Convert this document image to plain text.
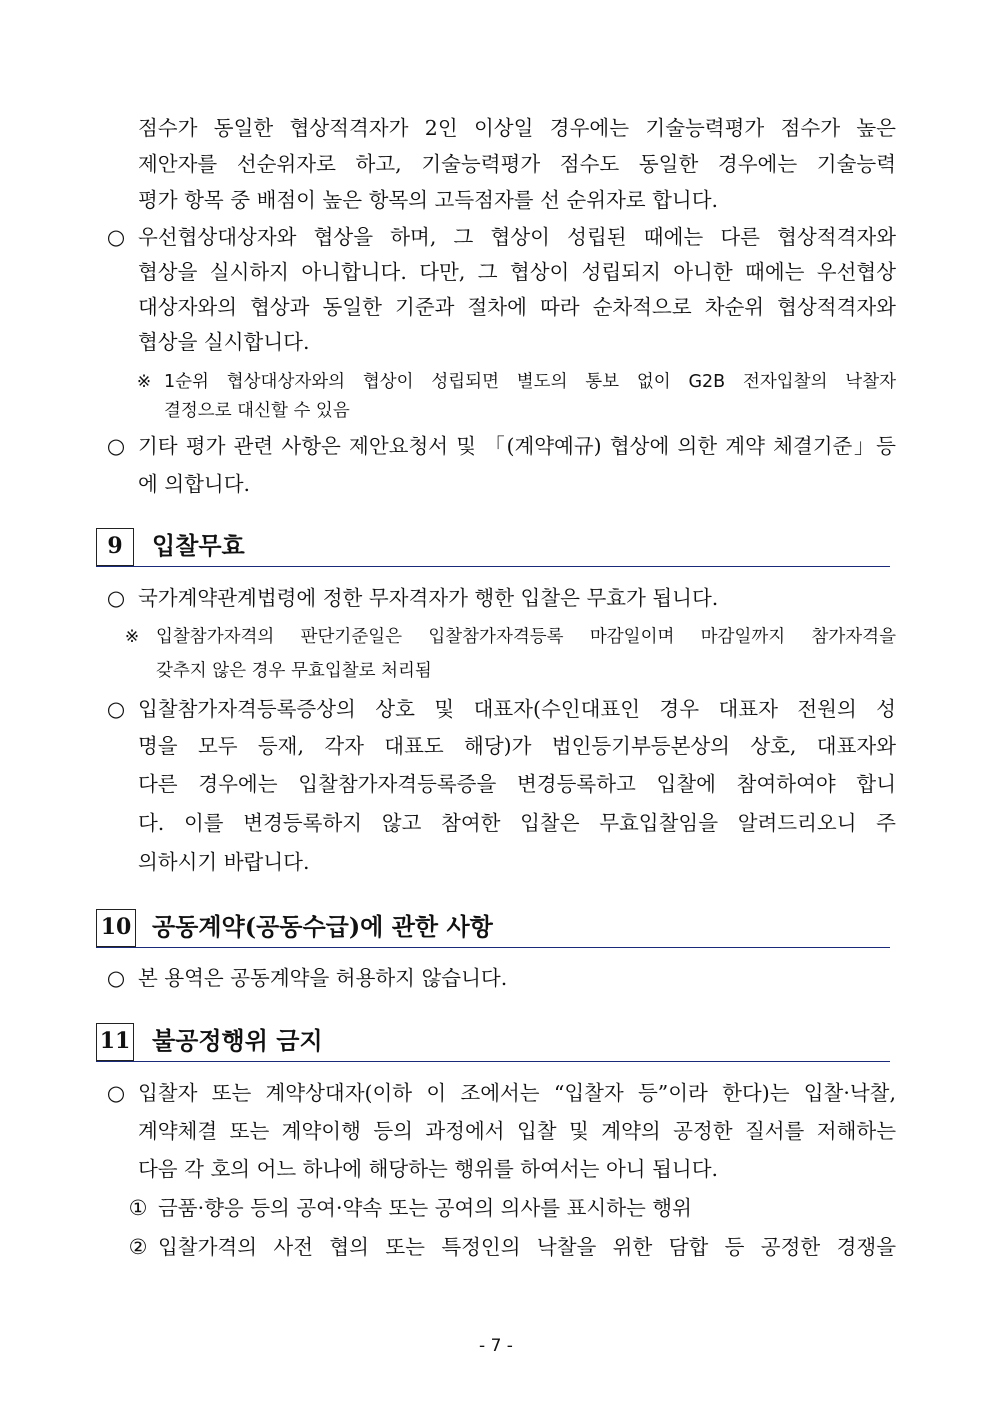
점수가 동일한 협상적격자가 2인 이상일 경우에는 기술능력평가 점수가 높은
제안자를 선순위자로 하고, 기술능력평가 점수도 동일한 경우에는 기술능력
평가 항목 중 배점이 높은 항목의 고득점자를 선 순위자로 합니다.
○ 우선협상대상자와 협상을 하며, 그 협상이 성립된 때에는 다른 협상적격자와
협상을 실시하지 아니합니다. 다만, 그 협상이 성립되지 아니한 때에는 우선협상
대상자와의 협상과 동일한 기준과 절차에 따라 순차적으로 차순위 협상적격자와
협상을 실시합니다.
※ 1순위 협상대상자와의 협상이 성립되면 별도의 통보 없이 G2B 전자입찰의 낙찰자
결정으로 대신할 수 있음
○ 기타 평가 관련 사항은 제안요청서 및 「(계약예규) 협상에 의한 계약 체결기준」등
에 의합니다.
9	입찰무효
○ 국가계약관계법령에 정한 무자격자가 행한 입찰은 무효가 됩니다.
※ 입찰참가자격의 판단기준일은 입찰참가자격등록 마감일이며 마감일까지 참가자격을
갖추지 않은 경우 무효입찰로 처리됨
○ 입찰참가자격등록증상의 상호 및 대표자(수인대표인 경우 대표자 전원의 성
명을 모두 등재, 각자 대표도 해당)가 법인등기부등본상의 상호, 대표자와
다른 경우에는 입찰참가자격등록증을 변경등록하고 입찰에 참여하여야 합니
다. 이를 변경등록하지 않고 참여한 입찰은 무효입찰임을 알려드리오니 주
의하시기 바랍니다.
10 공동계약(공동수급)에 관한 사항
○ 본 용역은 공동계약을 허용하지 않습니다.
11 불공정행위 금지
○ 입찰자 또는 계약상대자(이하 이 조에서는 “입찰자 등”이라 한다)는 입찰·낙찰,
계약체결 또는 계약이행 등의 과정에서 입찰 및 계약의 공정한 질서를 저해하는
다음 각 호의 어느 하나에 해당하는 행위를 하여서는 아니 됩니다.
① 금품·향응 등의 공여·약속 또는 공여의 의사를 표시하는 행위
② 입찰가격의 사전 협의 또는 특정인의 낙찰을 위한 담합 등 공정한 경쟁을
- 7 -
